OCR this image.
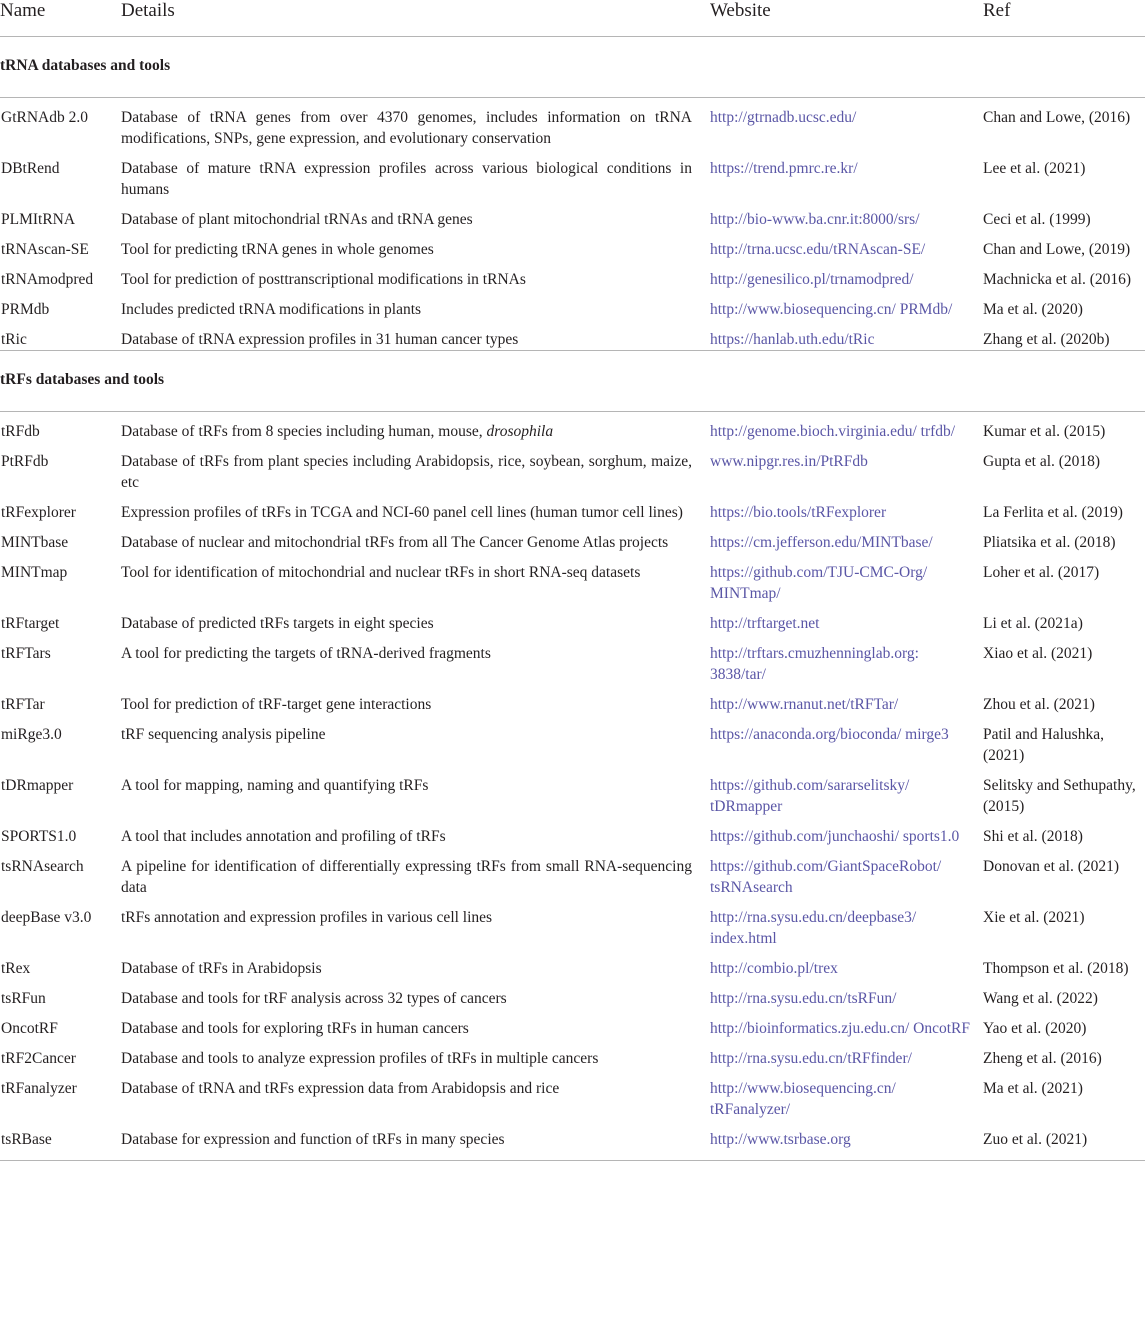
Name	Details	Website	Ref
tRNA databases and tools			
GtRNAdb 2.0	Database of tRNA genes from over 4370 genomes, includes information on tRNA modifications, SNPs, gene expression, and evolutionary conservation	http://gtrnadb.ucsc.edu/	Chan and Lowe, (2016)
DBtRend	Database of mature tRNA expression profiles across various biological conditions in humans	https://trend.pmrc.re.kr/	Lee et al. (2021)
PLMItRNA	Database of plant mitochondrial tRNAs and tRNA genes	http://bio-www.ba.cnr.it:8000/srs/	Ceci et al. (1999)
tRNAscan-SE	Tool for predicting tRNA genes in whole genomes	http://trna.ucsc.edu/tRNAscan-SE/	Chan and Lowe, (2019)
tRNAmodpred	Tool for prediction of posttranscriptional modifications in tRNAs	http://genesilico.pl/trnamodpred/	Machnicka et al. (2016)
PRMdb	Includes predicted tRNA modifications in plants	http://www.biosequencing.cn/ PRMdb/	Ma et al. (2020)
tRic	Database of tRNA expression profiles in 31 human cancer types	https://hanlab.uth.edu/tRic	Zhang et al. (2020b)
tRFs databases and tools			
tRFdb	Database of tRFs from 8 species including human, mouse, drosophila	http://genome.bioch.virginia.edu/ trfdb/	Kumar et al. (2015)
PtRFdb	Database of tRFs from plant species including Arabidopsis, rice, soybean, sorghum, maize, etc	www.nipgr.res.in/PtRFdb	Gupta et al. (2018)
tRFexplorer	Expression profiles of tRFs in TCGA and NCI-60 panel cell lines (human tumor cell lines)	https://bio.tools/tRFexplorer	La Ferlita et al. (2019)
MINTbase	Database of nuclear and mitochondrial tRFs from all The Cancer Genome Atlas projects	https://cm.jefferson.edu/MINTbase/	Pliatsika et al. (2018)
MINTmap	Tool for identification of mitochondrial and nuclear tRFs in short RNA-seq datasets	https://github.com/TJU-CMC-Org/ MINTmap/	Loher et al. (2017)
tRFtarget	Database of predicted tRFs targets in eight species	http://trftarget.net	Li et al. (2021a)
tRFTars	A tool for predicting the targets of tRNA-derived fragments	http://trftars.cmuzhenninglab.org: 3838/tar/	Xiao et al. (2021)
tRFTar	Tool for prediction of tRF-target gene interactions	http://www.rnanut.net/tRFTar/	Zhou et al. (2021)
miRge3.0	tRF sequencing analysis pipeline	https://anaconda.org/bioconda/ mirge3	Patil and Halushka, (2021)
tDRmapper	A tool for mapping, naming and quantifying tRFs	https://github.com/sararselitsky/ tDRmapper	Selitsky and Sethupathy, (2015)
SPORTS1.0	A tool that includes annotation and profiling of tRFs	https://github.com/junchaoshi/ sports1.0	Shi et al. (2018)
tsRNAsearch	A pipeline for identification of differentially expressing tRFs from small RNA-sequencing data	https://github.com/GiantSpaceRobot/ tsRNAsearch	Donovan et al. (2021)
deepBase v3.0	tRFs annotation and expression profiles in various cell lines	http://rna.sysu.edu.cn/deepbase3/ index.html	Xie et al. (2021)
tRex	Database of tRFs in Arabidopsis	http://combio.pl/trex	Thompson et al. (2018)
tsRFun	Database and tools for tRF analysis across 32 types of cancers	http://rna.sysu.edu.cn/tsRFun/	Wang et al. (2022)
OncotRF	Database and tools for exploring tRFs in human cancers	http://bioinformatics.zju.edu.cn/ OncotRF	Yao et al. (2020)
tRF2Cancer	Database and tools to analyze expression profiles of tRFs in multiple cancers	http://rna.sysu.edu.cn/tRFfinder/	Zheng et al. (2016)
tRFanalyzer	Database of tRNA and tRFs expression data from Arabidopsis and rice	http://www.biosequencing.cn/ tRFanalyzer/	Ma et al. (2021)
tsRBase	Database for expression and function of tRFs in many species	http://www.tsrbase.org	Zuo et al. (2021)
